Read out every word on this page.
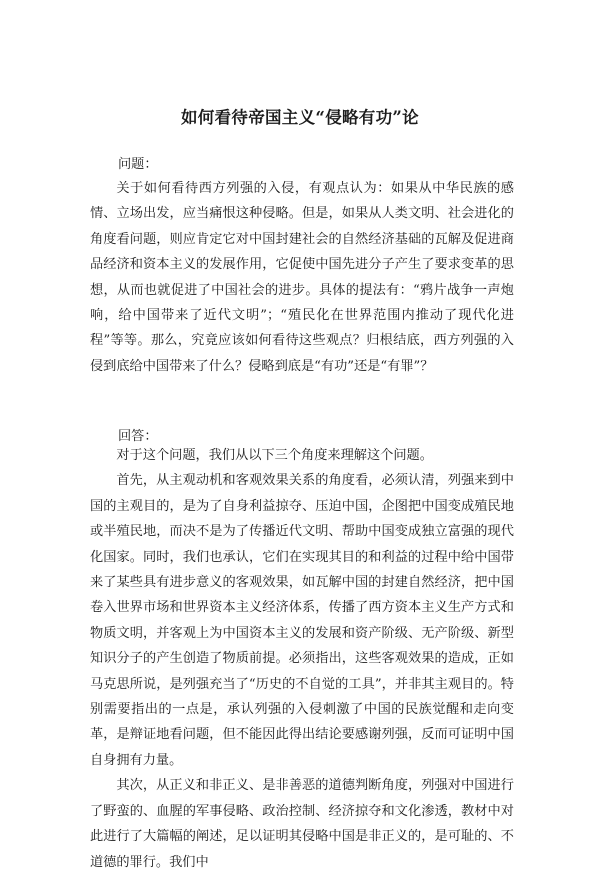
如何看待帝国主义“侵略有功”论
问题：

关于如何看待西方列强的入侵，有观点认为：如果从中华民族的感情、立场出发，应当痛恨这种侵略。但是，如果从人类文明、社会进化的角度看问题，则应肯定它对中国封建社会的自然经济基础的瓦解及促进商品经济和资本主义的发展作用，它促使中国先进分子产生了要求变革的思想，从而也就促进了中国社会的进步。具体的提法有：“鸦片战争一声炮响，给中国带来了近代文明”；“殖民化在世界范围内推动了现代化进程”等等。那么，究竟应该如何看待这些观点？归根结底，西方列强的入侵到底给中国带来了什么？侵略到底是“有功”还是“有罪”？

回答：

对于这个问题，我们从以下三个角度来理解这个问题。

首先，从主观动机和客观效果关系的角度看，必须认清，列强来到中国的主观目的，是为了自身利益掠夺、压迫中国，企图把中国变成殖民地或半殖民地，而决不是为了传播近代文明、帮助中国变成独立富强的现代化国家。同时，我们也承认，它们在实现其目的和利益的过程中给中国带来了某些具有进步意义的客观效果，如瓦解中国的封建自然经济，把中国卷入世界市场和世界资本主义经济体系，传播了西方资本主义生产方式和物质文明，并客观上为中国资本主义的发展和资产阶级、无产阶级、新型知识分子的产生创造了物质前提。必须指出，这些客观效果的造成，正如马克思所说，是列强充当了“历史的不自觉的工具”，并非其主观目的。特别需要指出的一点是，承认列强的入侵刺激了中国的民族觉醒和走向变革，是辩证地看问题，但不能因此得出结论要感谢列强，反而可证明中国自身拥有力量。

其次，从正义和非正义、是非善恶的道德判断角度，列强对中国进行了野蛮的、血腥的军事侵略、政治控制、经济掠夺和文化渗透，教材中对此进行了大篇幅的阐述，足以证明其侵略中国是非正义的，是可耻的、不道德的罪行。我们中
